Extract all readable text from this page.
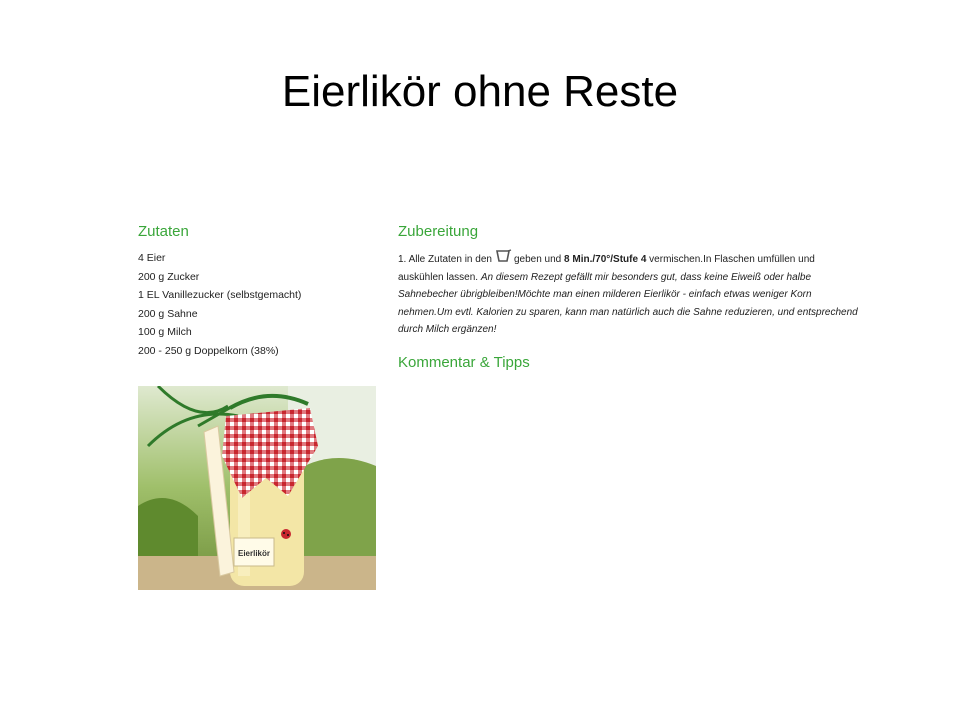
Eierlikör ohne Reste
Zutaten
4 Eier
200 g Zucker
1 EL Vanillezucker (selbstgemacht)
200 g Sahne
100 g Milch
200 - 250 g Doppelkorn (38%)
Zubereitung

1. Alle Zutaten in den geben und 8 Min./70°/Stufe 4 vermischen.In Flaschen umfüllen und auskühlen lassen. An diesem Rezept gefällt mir besonders gut, dass keine Eiweiß oder halbe Sahnebecher übrigbleiben!Möchte man einen milderen Eierlikör - einfach etwas weniger Korn nehmen.Um evtl. Kalorien zu sparen, kann man natürlich auch die Sahne reduzieren, und entsprechend durch Milch ergänzen!

Kommentar & Tipps
Eierlikör
